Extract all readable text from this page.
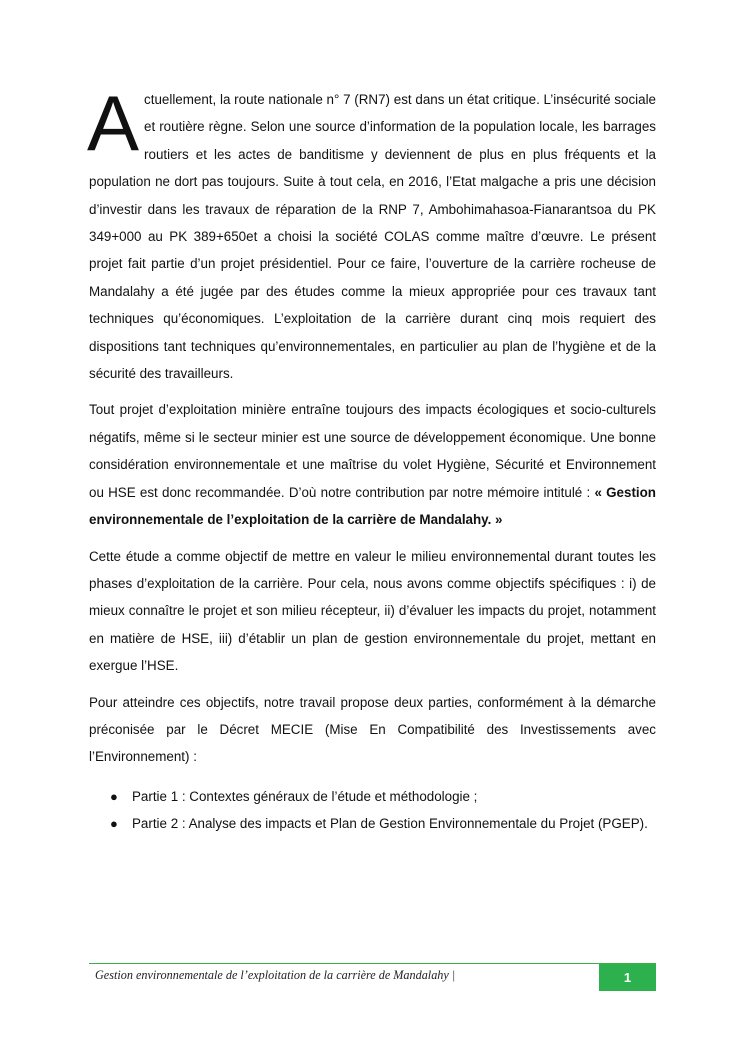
Actuellement, la route nationale n° 7 (RN7) est dans un état critique. L’insécurité sociale et routière règne. Selon une source d’information de la population locale, les barrages routiers et les actes de banditisme y deviennent de plus en plus fréquents et la population ne dort pas toujours. Suite à tout cela, en 2016, l’Etat malgache a pris une décision d’investir dans les travaux de réparation de la RNP 7, Ambohimahasoa-Fianarantsoa du PK 349+000 au PK 389+650et a choisi la société COLAS comme maître d’œuvre. Le présent projet fait partie d’un projet présidentiel. Pour ce faire, l’ouverture de la carrière rocheuse de Mandalahy a été jugée par des études comme la mieux appropriée pour ces travaux tant techniques qu’économiques. L’exploitation de la carrière durant cinq mois requiert des dispositions tant techniques qu’environnementales, en particulier au plan de l’hygiène et de la sécurité des travailleurs.

Tout projet d’exploitation minière entraîne toujours des impacts écologiques et socio-culturels négatifs, même si le secteur minier est une source de développement économique. Une bonne considération environnementale et une maîtrise du volet Hygiène, Sécurité et Environnement ou HSE est donc recommandée. D’où notre contribution par notre mémoire intitulé : « Gestion environnementale de l’exploitation de la carrière de Mandalahy. »

Cette étude a comme objectif de mettre en valeur le milieu environnemental durant toutes les phases d’exploitation de la carrière. Pour cela, nous avons comme objectifs spécifiques : i) de mieux connaître le projet et son milieu récepteur, ii) d’évaluer les impacts du projet, notamment en matière de HSE, iii) d’établir un plan de gestion environnementale du projet, mettant en exergue l’HSE.

Pour atteindre ces objectifs, notre travail propose deux parties, conformément à la démarche préconisée par le Décret MECIE (Mise En Compatibilité des Investissements avec l’Environnement) :

● Partie 1 : Contextes généraux de l’étude et méthodologie ;
● Partie 2 : Analyse des impacts et Plan de Gestion Environnementale du Projet (PGEP).
Gestion environnementale de l’exploitation de la carrière de Mandalahy |	1
